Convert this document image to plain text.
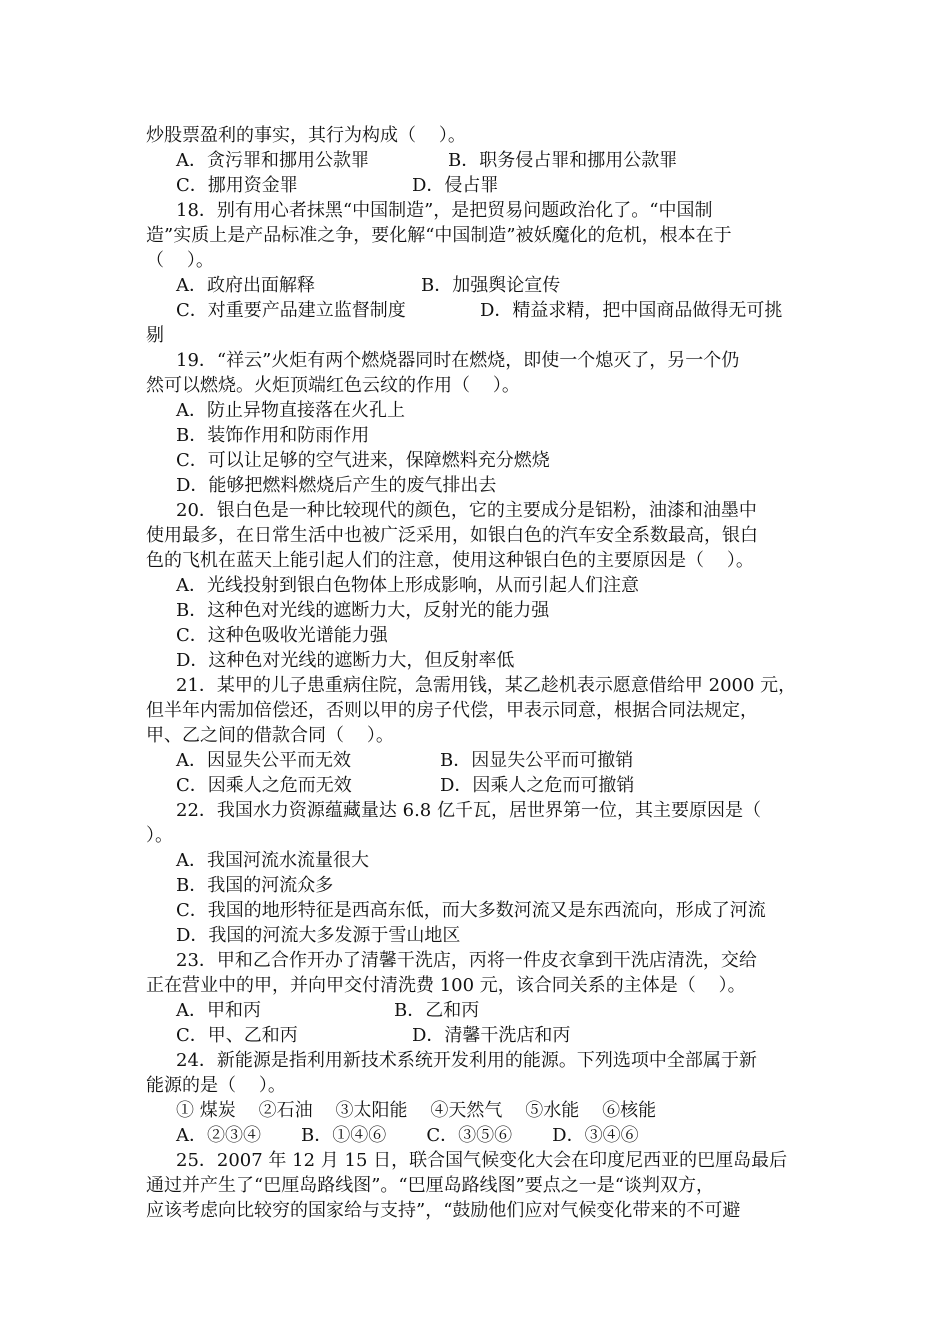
炒股票盈利的事实，其行为构成（    ）。
A．贪污罪和挪用公款罪	B．职务侵占罪和挪用公款罪
C．挪用资金罪	D．侵占罪
18．别有用心者抹黑“中国制造”，是把贸易问题政治化了。“中国制
造”实质上是产品标准之争，要化解“中国制造”被妖魔化的危机，根本在于
（    ）。
A．政府出面解释	B．加强舆论宣传
C．对重要产品建立监督制度	D．精益求精，把中国商品做得无可挑
剔
19．“祥云”火炬有两个燃烧器同时在燃烧，即使一个熄灭了，另一个仍
然可以燃烧。火炬顶端红色云纹的作用（    ）。
A．防止异物直接落在火孔上
B．装饰作用和防雨作用
C．可以让足够的空气进来，保障燃料充分燃烧
D．能够把燃料燃烧后产生的废气排出去
20．银白色是一种比较现代的颜色，它的主要成分是铝粉，油漆和油墨中
使用最多，在日常生活中也被广泛采用，如银白色的汽车安全系数最高，银白
色的飞机在蓝天上能引起人们的注意，使用这种银白色的主要原因是（    ）。
A．光线投射到银白色物体上形成影响，从而引起人们注意
B．这种色对光线的遮断力大，反射光的能力强
C．这种色吸收光谱能力强
D．这种色对光线的遮断力大，但反射率低
21．某甲的儿子患重病住院，急需用钱，某乙趁机表示愿意借给甲 2000 元，
但半年内需加倍偿还，否则以甲的房子代偿，甲表示同意，根据合同法规定，
甲、乙之间的借款合同（    ）。
A．因显失公平而无效	B．因显失公平而可撤销
C．因乘人之危而无效	D．因乘人之危而可撤销
22．我国水力资源蕴藏量达 6.8 亿千瓦，居世界第一位，其主要原因是（
）。
A．我国河流水流量很大
B．我国的河流众多
C．我国的地形特征是西高东低，而大多数河流又是东西流向，形成了河流
D．我国的河流大多发源于雪山地区
23．甲和乙合作开办了清馨干洗店，丙将一件皮衣拿到干洗店清洗，交给
正在营业中的甲，并向甲交付清洗费 100 元，该合同关系的主体是（    ）。
A．甲和丙	B．乙和丙
C．甲、乙和丙	D．清馨干洗店和丙
24．新能源是指利用新技术系统开发利用的能源。下列选项中全部属于新
能源的是（    ）。
① 煤炭    ②石油    ③太阳能    ④天然气    ⑤水能    ⑥核能
A．②③④       B．①④⑥       C．③⑤⑥       D．③④⑥
25．2007 年 12 月 15 日，联合国气候变化大会在印度尼西亚的巴厘岛最后
通过并产生了“巴厘岛路线图”。“巴厘岛路线图”要点之一是“谈判双方，
应该考虑向比较穷的国家给与支持”，“鼓励他们应对气候变化带来的不可避
